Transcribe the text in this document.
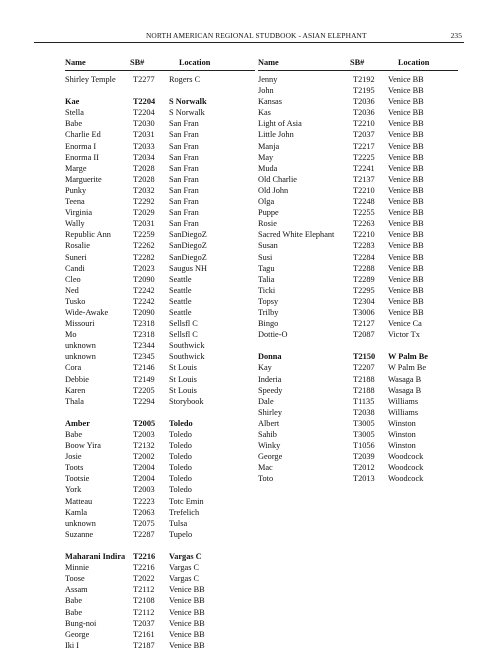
NORTH AMERICAN REGIONAL STUDBOOK - ASIAN ELEPHANT	235
Name	SB#	Location
Shirley Temple T2277 Rogers C
Kae	T2204 S Norwalk
Stella	T2204 S Norwalk
Babe	T2030 San Fran
Charlie Ed	T2031 San Fran
Enorma I	T2033 San Fran
Enorma II	T2034 San Fran
Marge	T2028 San Fran
Marguerite	T2028 San Fran
Punky	T2032 San Fran
Teena	T2292 San Fran
Virginia	T2029 San Fran
Wally	T2031 San Fran
Republic Ann	T2259 SanDiegoZ
Rosalie	T2262 SanDiegoZ
Suneri	T2282 SanDiegoZ
Candi	T2023 Saugus NH
Cleo	T2090 Seattle
Ned	T2242 Seattle
Tusko	T2242 Seattle
Wide-Awake	T2090 Seattle
Missouri	T2318 Sellsfl C
Mo	T2318 Sellsfl C
unknown	T2344 Southwick
unknown	T2345 Southwick
Cora	T2146 St Louis
Debbie	T2149 St Louis
Karen	T2205 St Louis
Thala	T2294 Storybook
Amber	T2005 Toledo
Babe	T2003 Toledo
Boow Yira	T2132 Toledo
Josie	T2002 Toledo
Toots	T2004 Toledo
Tootsie	T2004 Toledo
York	T2003 Toledo
Matteau	T2223 Totc Emin
Kamla	T2063 Trefelich
unknown	T2075 Tulsa
Suzanne	T2287 Tupelo
Maharani Indira T2216 Vargas C
Minnie	T2216 Vargas C
Toose	T2022 Vargas C
Assam	T2112 Venice BB
Babe	T2108 Venice BB
Babe	T2112 Venice BB
Bung-noi	T2037 Venice BB
George	T2161 Venice BB
Iki I	T2187 Venice BB
Name	SB#	Location
Jenny	T2192 Venice BB
John	T2195 Venice BB
Kansas	T2036 Venice BB
Kas	T2036 Venice BB
Light of Asia	T2210 Venice BB
Little John	T2037 Venice BB
Manja	T2217 Venice BB
May	T2225 Venice BB
Muda	T2241 Venice BB
Old Charlie	T2137 Venice BB
Old John	T2210 Venice BB
Olga	T2248 Venice BB
Puppe	T2255 Venice BB
Rosie	T2263 Venice BB
Sacred White Elephant T2210 Venice BB
Susan	T2283 Venice BB
Susi	T2284 Venice BB
Tagu	T2288 Venice BB
Talia	T2289 Venice BB
Ticki	T2295 Venice BB
Topsy	T2304 Venice BB
Trilby	T3006 Venice BB
Bingo	T2127 Venice Ca
Dottie-O	T2087 Victor Tx
Donna	T2150 W Palm Be
Kay	T2207 W Palm Be
Inderia	T2188 Wasaga B
Speedy	T2188 Wasaga B
Dale	T1135 Williams
Shirley	T2038 Williams
Albert	T3005 Winston
Sahib	T3005 Winston
Winky	T1056 Winston
George	T2039 Woodcock
Mac	T2012 Woodcock
Toto	T2013 Woodcock
